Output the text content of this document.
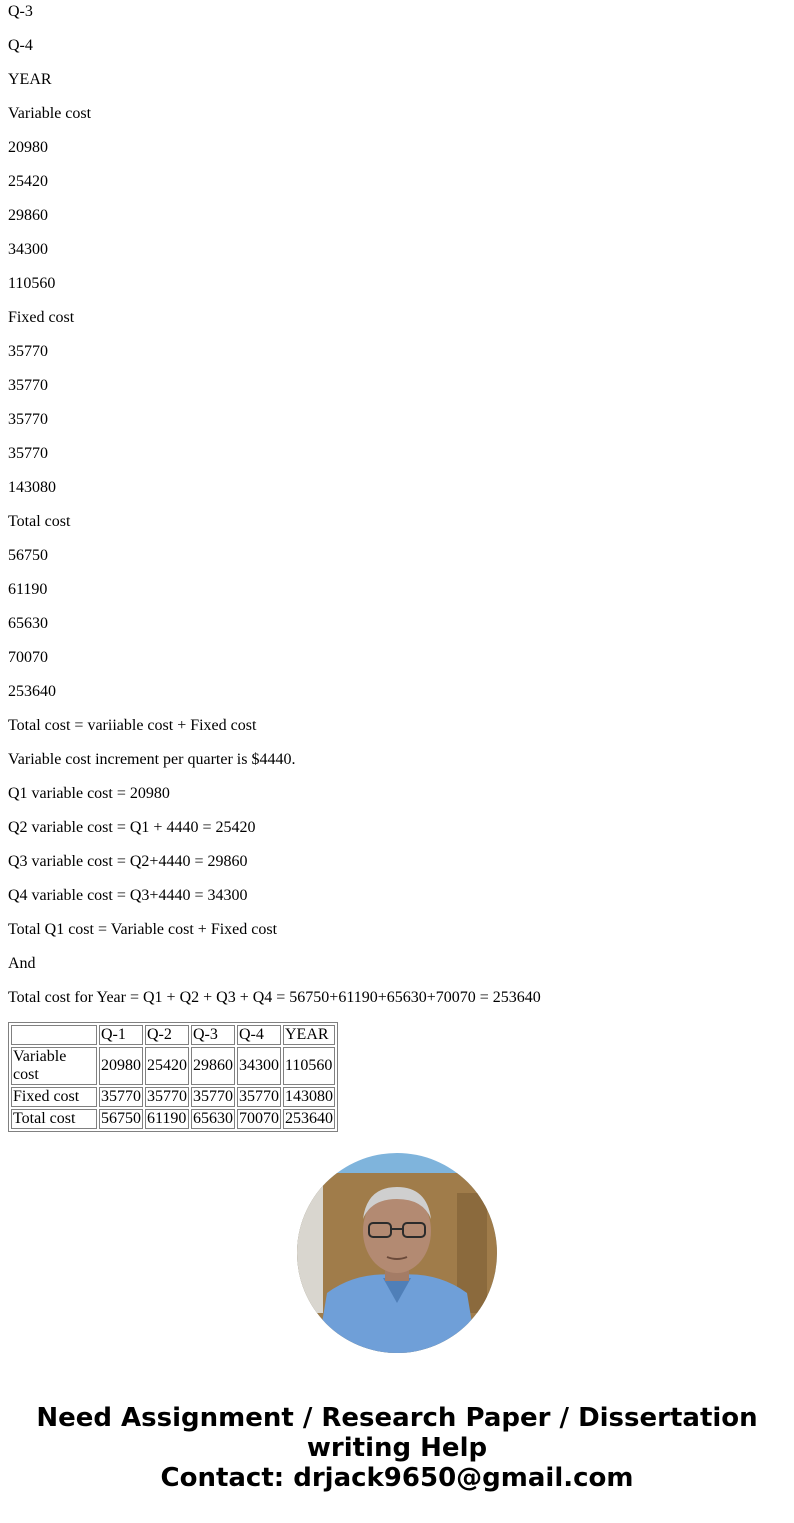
Q-3

Q-4

YEAR

Variable cost

20980

25420

29860

34300

110560

Fixed cost

35770

35770

35770

35770

143080

Total cost

56750

61190

65630

70070

253640

Total cost = variiable cost + Fixed cost

Variable cost increment per quarter is $4440.

Q1 variable cost = 20980

Q2 variable cost = Q1 + 4440 = 25420

Q3 variable cost = Q2+4440 = 29860

Q4 variable cost = Q3+4440 = 34300

Total Q1 cost = Variable cost + Fixed cost

And

Total cost for Year = Q1 + Q2 + Q3 + Q4 = 56750+61190+65630+70070 = 253640

	Q-1	Q-2	Q-3	Q-4	YEAR
Variable cost	20980	25420	29860	34300	110560
Fixed cost	35770	35770	35770	35770	143080
Total cost	56750	61190	65630	70070	253640
Need Assignment / Research Paper / Dissertation
writing Help
Contact: drjack9650@gmail.com
